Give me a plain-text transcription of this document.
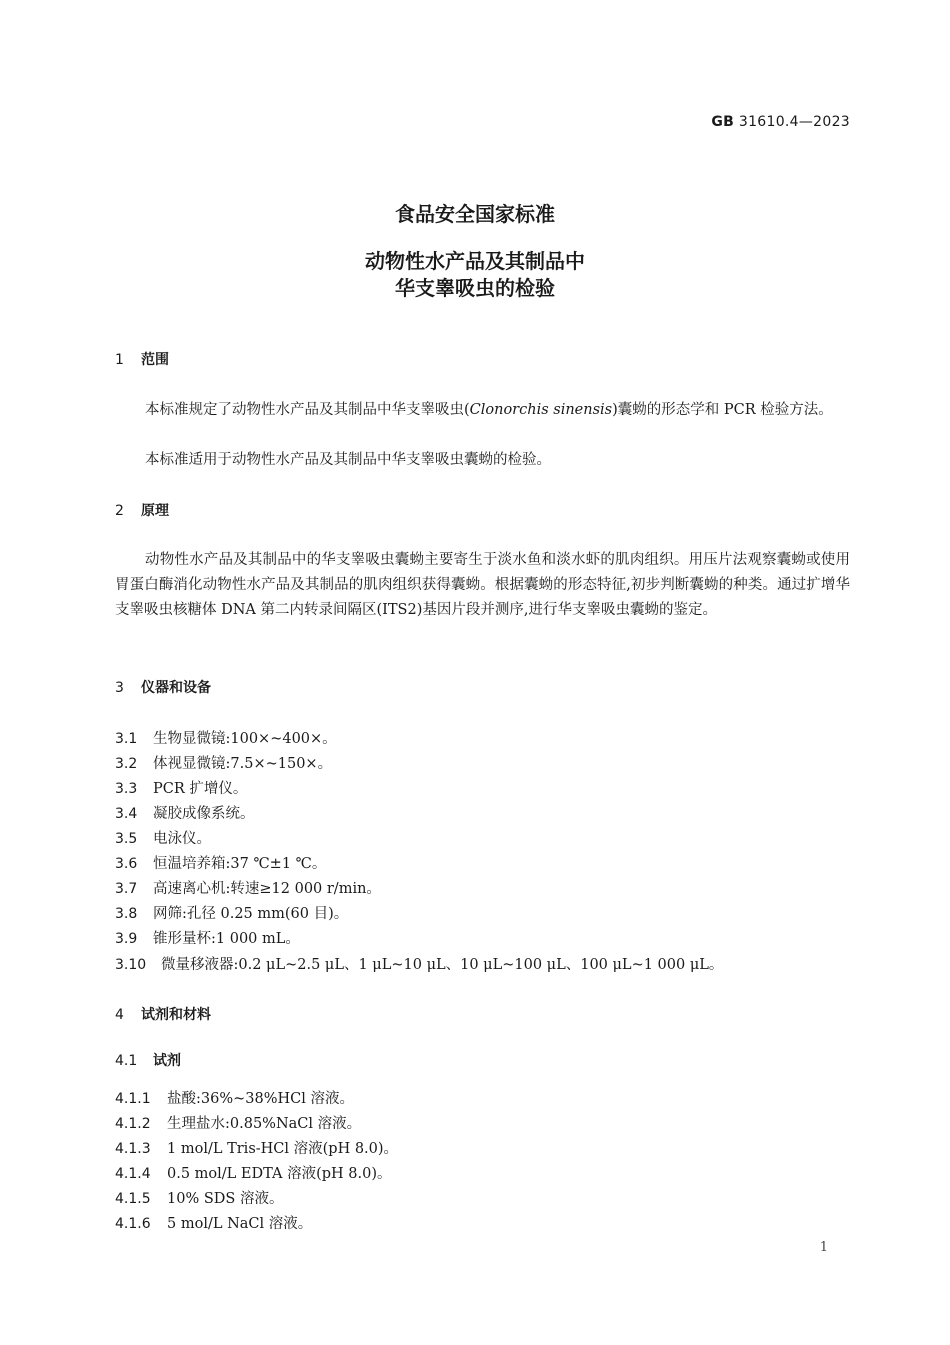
GB 31610.4—2023
食品安全国家标准
动物性水产品及其制品中
华支睾吸虫的检验
1 范围
本标准规定了动物性水产品及其制品中华支睾吸虫(Clonorchis sinensis)囊蚴的形态学和 PCR 检验方法。
本标准适用于动物性水产品及其制品中华支睾吸虫囊蚴的检验。
2 原理
动物性水产品及其制品中的华支睾吸虫囊蚴主要寄生于淡水鱼和淡水虾的肌肉组织。用压片法观察囊蚴或使用胃蛋白酶消化动物性水产品及其制品的肌肉组织获得囊蚴。根据囊蚴的形态特征,初步判断囊蚴的种类。通过扩增华支睾吸虫核糖体 DNA 第二内转录间隔区(ITS2)基因片段并测序,进行华支睾吸虫囊蚴的鉴定。
3 仪器和设备
3.1 生物显微镜:100×~400×。
3.2 体视显微镜:7.5×~150×。
3.3 PCR 扩增仪。
3.4 凝胶成像系统。
3.5 电泳仪。
3.6 恒温培养箱:37 ℃±1 ℃。
3.7 高速离心机:转速≥12 000 r/min。
3.8 网筛:孔径 0.25 mm(60 目)。
3.9 锥形量杯:1 000 mL。
3.10 微量移液器:0.2 μL~2.5 μL、1 μL~10 μL、10 μL~100 μL、100 μL~1 000 μL。
4 试剂和材料
4.1 试剂
4.1.1 盐酸:36%~38%HCl 溶液。
4.1.2 生理盐水:0.85%NaCl 溶液。
4.1.3 1 mol/L Tris-HCl 溶液(pH 8.0)。
4.1.4 0.5 mol/L EDTA 溶液(pH 8.0)。
4.1.5 10% SDS 溶液。
4.1.6 5 mol/L NaCl 溶液。
1
